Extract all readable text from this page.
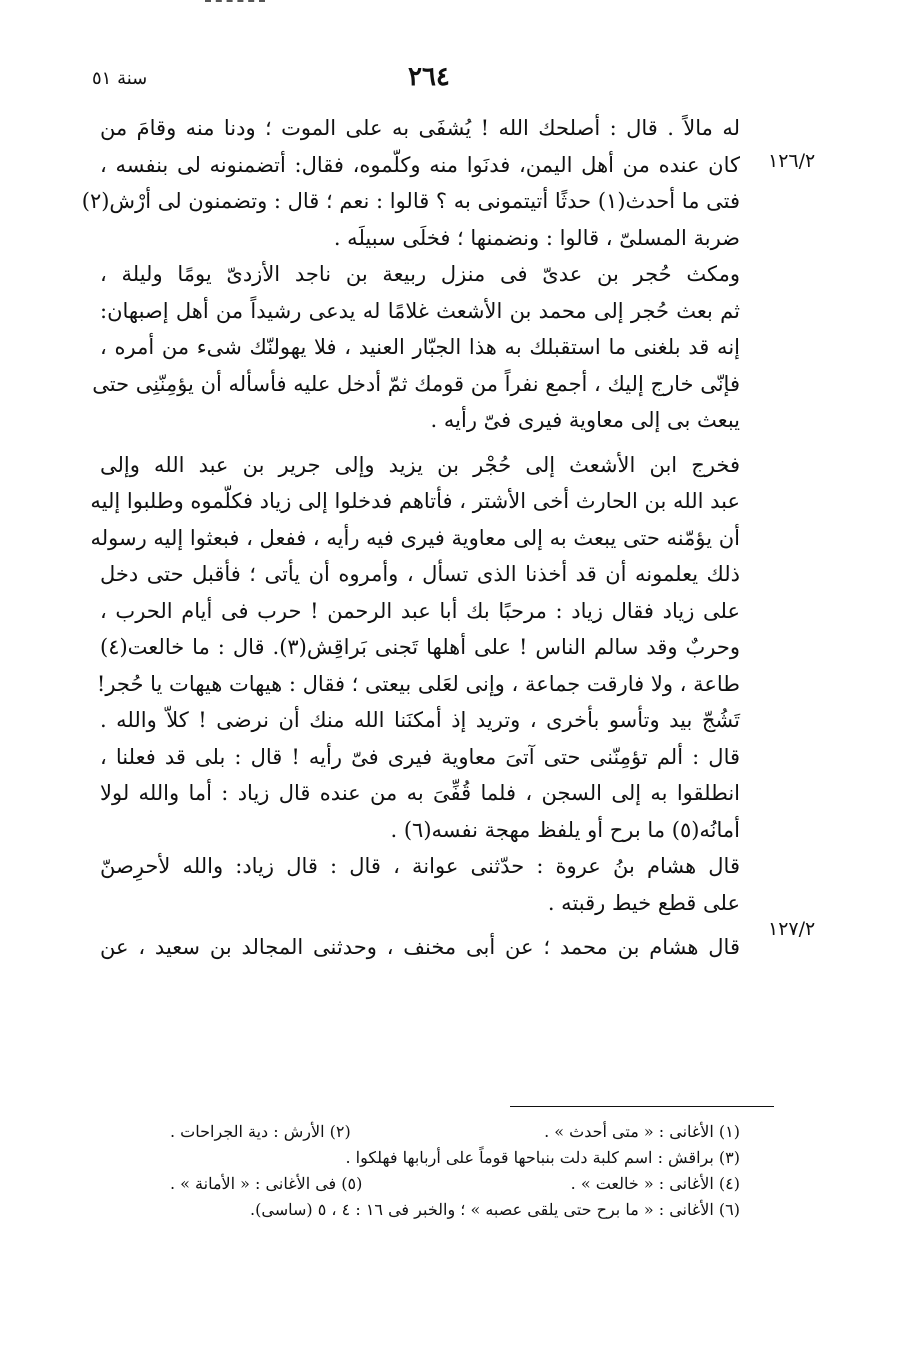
٢٦٤
سنة ٥١
١٢٦/٢
١٢٧/٢
له مالاً . قال : أصلحك الله ! يُشفَى به على الموت ؛ ودنا منه وقامَ من
كان عنده من أهل اليمن، فدنَوا منه وكلّموه، فقال: أتضمنونه لى بنفسه ،
فتى ما أحدث(١) حدثًا أتيتمونى به ؟ قالوا : نعم ؛ قال : وتضمنون لى أرْش(٢)
ضربة المسلىّ ، قالوا : ونضمنها ؛ فخلَى سبيلَه .
ومكث حُجر بن عدىّ فى منزل ربيعة بن ناجد الأزدىّ يومًا وليلة ،
ثم بعث حُجر إلى محمد بن الأشعث غلامًا له يدعى رشيداً من أهل إصبهان:
إنه قد بلغنى ما استقبلك به هذا الجبّار العنيد ، فلا يهولنّك شىء من أمره ،
فإنّى خارج إليك ، أجمع نفراً من قومك ثمّ أدخل عليه فأسأله أن يؤمِنّنِى حتى
يبعث بى إلى معاوية فيرى فىّ رأيه .
فخرج ابن الأشعث إلى حُجْر بن يزيد وإلى جرير بن عبد الله وإلى
عبد الله بن الحارث أخى الأشتر ، فأتاهم فدخلوا إلى زياد فكلّموه وطلبوا إليه
أن يؤمّنه حتى يبعث به إلى معاوية فيرى فيه رأيه ، ففعل ، فبعثوا إليه رسوله
ذلك يعلمونه أن قد أخذنا الذى تسأل ، وأمروه أن يأتى ؛ فأقبل حتى دخل
على زياد فقال زياد : مرحبًا بك أبا عبد الرحمن ! حرب فى أيام الحرب ،
وحربٌ وقد سالم الناس ! على أهلها تَجنى بَراقِش(٣). قال : ما خالعت(٤)
طاعة ، ولا فارقت جماعة ، وإنى لعَلى بيعتى ؛ فقال : هيهات هيهات يا حُجر!
تَشُجّ بيد وتأسو بأخرى ، وتريد إذ أمكنَنا الله منك أن نرضى ! كلاّ والله .
قال : ألم تؤمِنّنى حتى آتىَ معاوية فيرى فىّ رأيه ! قال : بلى قد فعلنا ،
انطلقوا به إلى السجن ، فلما قُفِّىَ به من عنده قال زياد : أما والله لولا
أمانُه(٥) ما برح أو يلفظ مهجة نفسه(٦) .
قال هشام بنُ عروة : حدّثنى عوانة ، قال : قال زياد: والله لأحرِصنّ
على قطع خيط رقبته .
قال هشام بن محمد ؛ عن أبى مخنف ، وحدثنى المجالد بن سعيد ، عن
(١) الأغانى : « متى أحدث » .
(٢) الأرش : دية الجراحات .
(٣) براقش : اسم كلبة دلت بنباحها قوماً على أربابها فهلكوا .
(٤) الأغانى : « خالعت » .
(٥) فى الأغانى : « الأمانة » .
(٦) الأغانى : « ما برح حتى يلقى عصبه » ؛ والخبر فى ١٦ : ٤ ، ٥ (ساسى).
